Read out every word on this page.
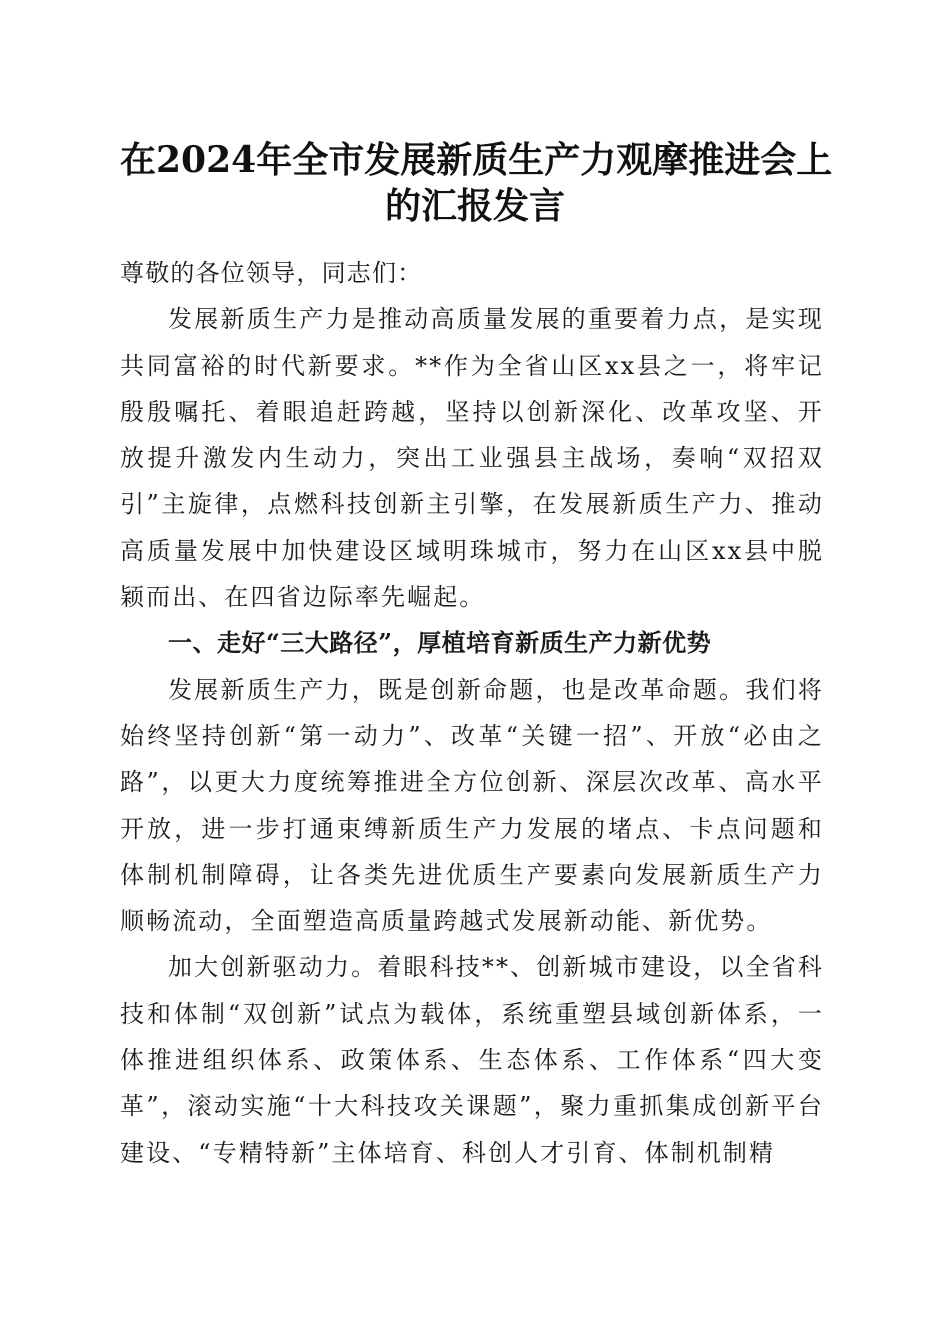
在2024年全市发展新质生产力观摩推进会上
的汇报发言

尊敬的各位领导，同志们：

发展新质生产力是推动高质量发展的重要着力点，是实现共同富裕的时代新要求。**作为全省山区xx县之一，将牢记殷殷嘱托、着眼追赶跨越，坚持以创新深化、改革攻坚、开放提升激发内生动力，突出工业强县主战场，奏响“双招双引”主旋律，点燃科技创新主引擎，在发展新质生产力、推动高质量发展中加快建设区域明珠城市，努力在山区xx县中脱颖而出、在四省边际率先崛起。

一、走好“三大路径”，厚植培育新质生产力新优势

发展新质生产力，既是创新命题，也是改革命题。我们将始终坚持创新“第一动力”、改革“关键一招”、开放“必由之路”，以更大力度统筹推进全方位创新、深层次改革、高水平开放，进一步打通束缚新质生产力发展的堵点、卡点问题和体制机制障碍，让各类先进优质生产要素向发展新质生产力顺畅流动，全面塑造高质量跨越式发展新动能、新优势。

加大创新驱动力。着眼科技**、创新城市建设，以全省科技和体制“双创新”试点为载体，系统重塑县域创新体系，一体推进组织体系、政策体系、生态体系、工作体系“四大变革”，滚动实施“十大科技攻关课题”，聚力重抓集成创新平台建设、“专精特新”主体培育、科创人才引育、体制机制精
